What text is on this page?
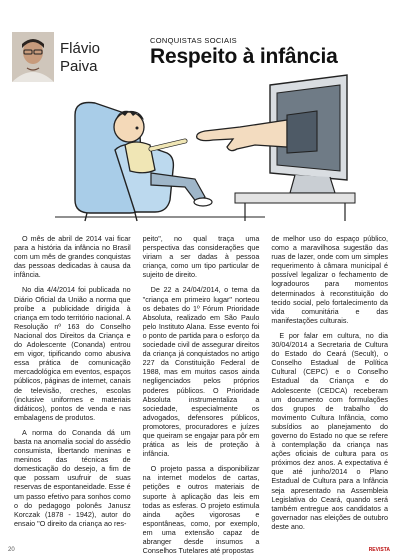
Flávio
Paiva
CONQUISTAS SOCIAIS
Respeito à infância

O mês de abril de 2014 vai ficar para a história da infância no Brasil com um mês de grandes conquistas das pessoas dedicadas à causa da infância.

No dia 4/4/2014 foi publicada no Diário Oficial da União a norma que proíbe a publicidade dirigida à criança em todo território nacional. A Resolução nº 163 do Conselho Nacional dos Direitos da Criança e do Adolescente (Conanda) entrou em vigor, tipificando como abusiva essa prática de comunicação mercadológica em eventos, espaços públicos, páginas de internet, canais de televisão, creches, escolas (inclusive uniformes e materiais didáticos), pontos de venda e nas embalagens de produtos.

A norma do Conanda dá um basta na anomalia social do assédio consumista, libertando meninas e meninos das técnicas de domesticação do desejo, a fim de que possam usufruir de suas reservas de espontaneidade. Esse é um passo efetivo para sonhos como o do pedagogo polonês Janusz Korczak (1878 - 1942), autor do ensaio "O direito da criança ao res-

peito", no qual traça uma perspectiva das considerações que viriam a ser dadas à pessoa criança, como um tipo particular de sujeito de direito.

De 22 a 24/04/2014, o tema da "criança em primeiro lugar" norteou os debates do 1º Fórum Prioridade Absoluta, realizado em São Paulo pelo Instituto Alana. Esse evento foi o ponto de partida para o esforço da sociedade civil de assegurar direitos da criança já conquistados no artigo 227 da Constituição Federal de 1988, mas em muitos casos ainda negligenciados pelos próprios poderes públicos. O Prioridade Absoluta instrumentaliza a sociedade, especialmente os advogados, defensores públicos, promotores, procuradores e juízes que queiram se engajar para pôr em prática as leis de proteção à infância.

O projeto passa a disponibilizar na internet modelos de cartas, petições e outros materiais de suporte à aplicação das leis em todas as esferas. O projeto estimula ainda ações vigorosas e espontâneas, como, por exemplo, em uma extensão capaz de abranger desde insumos a Conselhos Tutelares até propostas

de melhor uso do espaço público, como a maravilhosa sugestão das ruas de lazer, onde com um simples requerimento à câmara municipal é possível legalizar o fechamento de logradouros para momentos determinados à reconstituição do tecido social, pelo fortalecimento da vida comunitária e das manifestações culturais.

E por falar em cultura, no dia 30/04/2014 a Secretaria de Cultura do Estado do Ceará (Secult), o Conselho Estadual de Política Cultural (CEPC) e o Conselho Estadual da Criança e do Adolescente (CEDCA) receberam um documento com formulações dos grupos de trabalho do movimento Cultura Infância, como subsídios ao planejamento do governo do Estado no que se refere à contemplação da criança nas ações oficiais de cultura para os próximos dez anos. A expectativa é que até junho/2014 o Plano Estadual de Cultura para a Infância seja apresentado na Assembleia Legislativa do Ceará, quando será também entregue aos candidatos a governador nas eleições de outubro deste ano.

20	REVISTA
